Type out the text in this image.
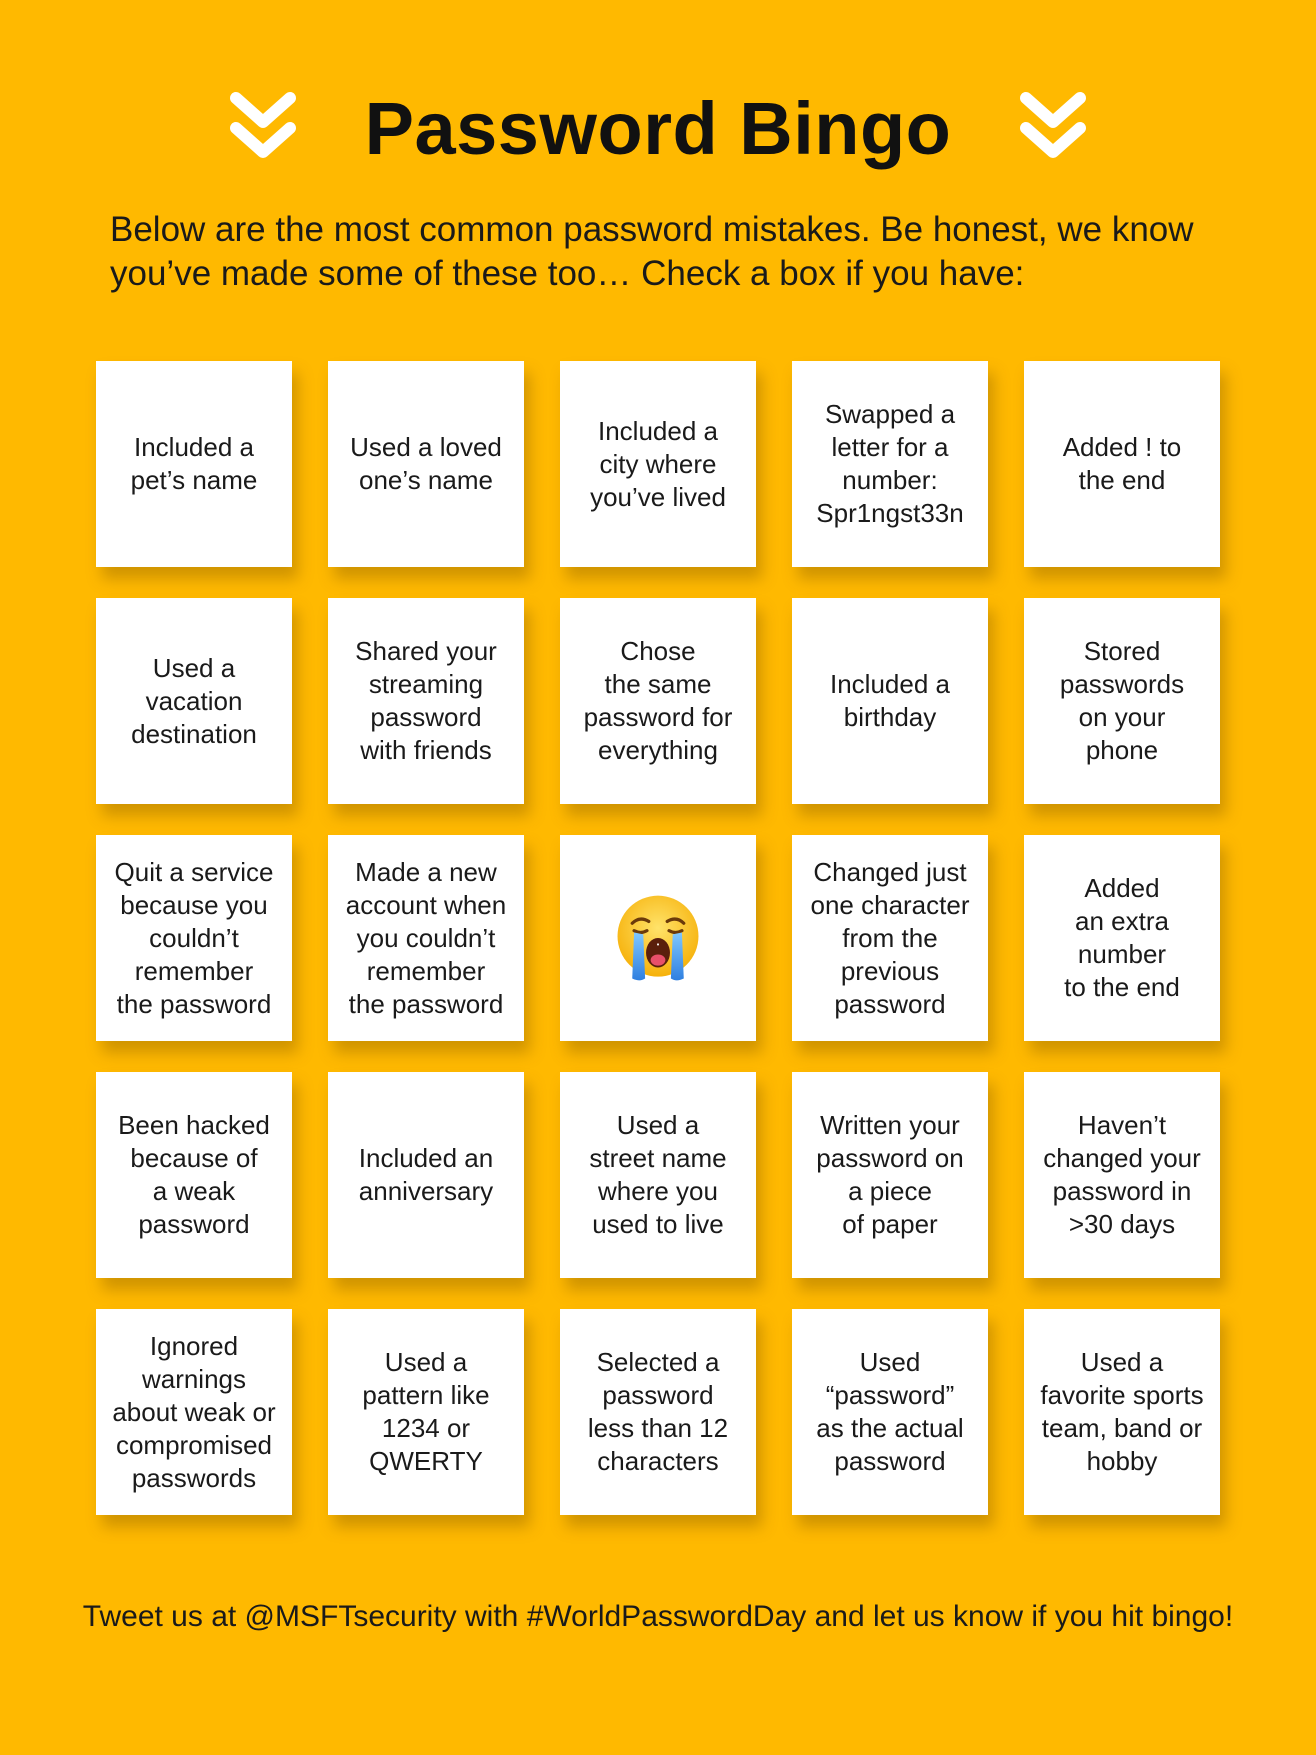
Password Bingo

Below are the most common password mistakes. Be honest, we know you’ve made some of these too… Check a box if you have:

Included a
pet’s name
Used a loved
one’s name
Included a
city where
you’ve lived
Swapped a
letter for a
number:
Spr1ngst33n
Added ! to
the end
Used a
vacation
destination
Shared your
streaming
password
with friends
Chose
the same
password for
everything
Included a
birthday
Stored
passwords
on your
phone
Quit a service
because you
couldn’t
remember
the password
Made a new
account when
you couldn’t
remember
the password
Changed just
one character
from the
previous
password
Added
an extra
number
to the end
Been hacked
because of
a weak
password
Included an
anniversary
Used a
street name
where you
used to live
Written your
password on
a piece
of paper
Haven’t
changed your
password in
>30 days
Ignored
warnings
about weak or
compromised
passwords
Used a
pattern like
1234 or
QWERTY
Selected a
password
less than 12
characters
Used
“password”
as the actual
password
Used a
favorite sports
team, band or
hobby

Tweet us at @MSFTsecurity with #WorldPasswordDay and let us know if you hit bingo!
